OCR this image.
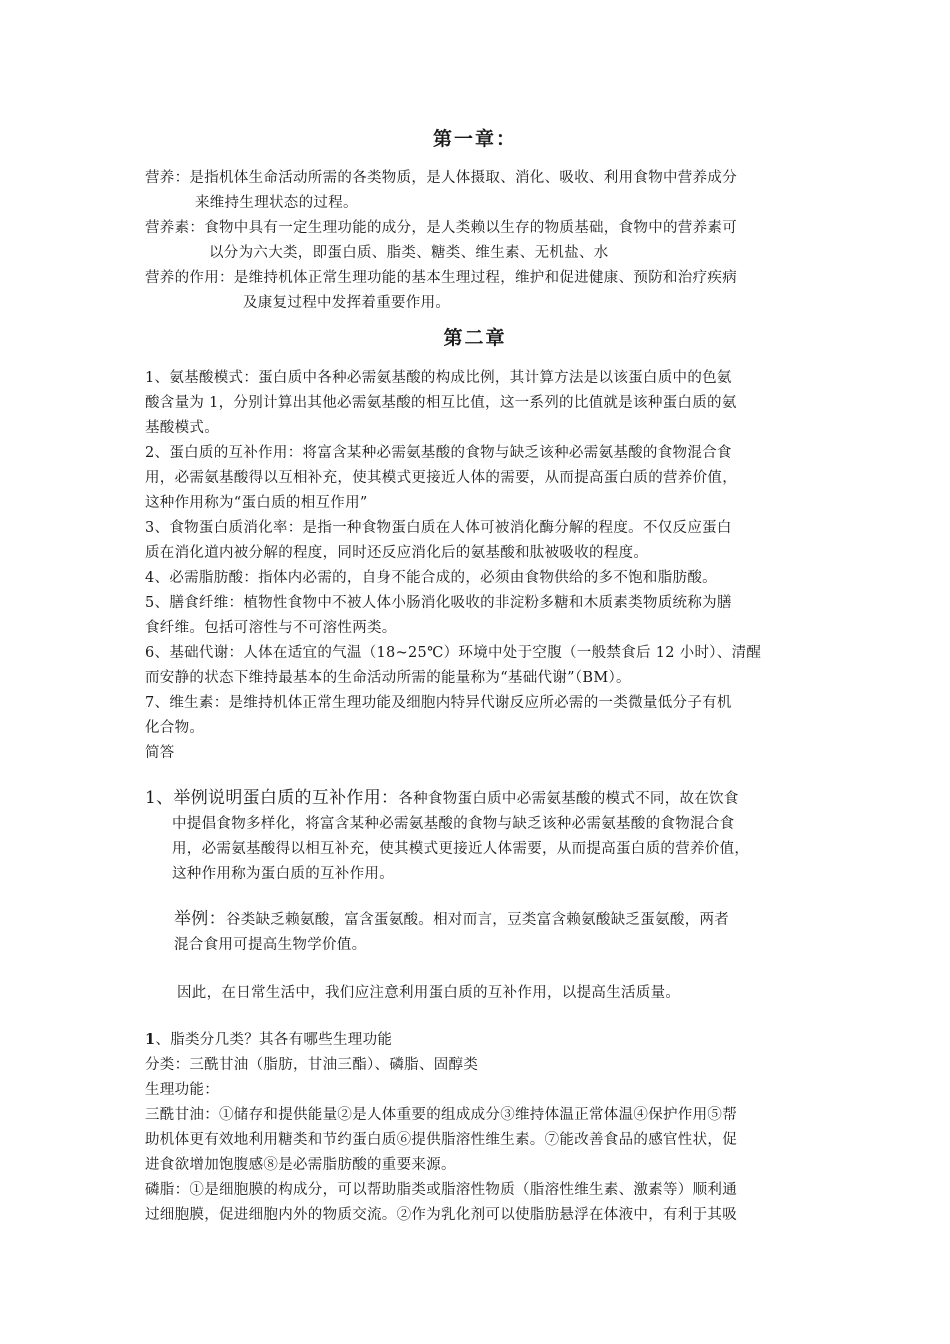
第一章：
营养：是指机体生命活动所需的各类物质，是人体摄取、消化、吸收、利用食物中营养成分
来维持生理状态的过程。
营养素：食物中具有一定生理功能的成分，是人类赖以生存的物质基础，食物中的营养素可
以分为六大类，即蛋白质、脂类、糖类、维生素、无机盐、水
营养的作用：是维持机体正常生理功能的基本生理过程，维护和促进健康、预防和治疗疾病
及康复过程中发挥着重要作用。
第二章
1、氨基酸模式：蛋白质中各种必需氨基酸的构成比例，其计算方法是以该蛋白质中的色氨
酸含量为 1，分别计算出其他必需氨基酸的相互比值，这一系列的比值就是该种蛋白质的氨
基酸模式。
2、蛋白质的互补作用：将富含某种必需氨基酸的食物与缺乏该种必需氨基酸的食物混合食
用，必需氨基酸得以互相补充，使其模式更接近人体的需要，从而提高蛋白质的营养价值，
这种作用称为“蛋白质的相互作用”
3、食物蛋白质消化率：是指一种食物蛋白质在人体可被消化酶分解的程度。不仅反应蛋白
质在消化道内被分解的程度，同时还反应消化后的氨基酸和肽被吸收的程度。
4、必需脂肪酸：指体内必需的，自身不能合成的，必须由食物供给的多不饱和脂肪酸。
5、膳食纤维：植物性食物中不被人体小肠消化吸收的非淀粉多糖和木质素类物质统称为膳
食纤维。包括可溶性与不可溶性两类。
6、基础代谢：人体在适宜的气温（18~25℃）环境中处于空腹（一般禁食后 12 小时）、清醒
而安静的状态下维持最基本的生命活动所需的能量称为“基础代谢”（BM）。
7、维生素：是维持机体正常生理功能及细胞内特异代谢反应所必需的一类微量低分子有机
化合物。
简答
1、举例说明蛋白质的互补作用：各种食物蛋白质中必需氨基酸的模式不同，故在饮食
中提倡食物多样化，将富含某种必需氨基酸的食物与缺乏该种必需氨基酸的食物混合食
用，必需氨基酸得以相互补充，使其模式更接近人体需要，从而提高蛋白质的营养价值，
这种作用称为蛋白质的互补作用。
举例：谷类缺乏赖氨酸，富含蛋氨酸。相对而言，豆类富含赖氨酸缺乏蛋氨酸，两者
混合食用可提高生物学价值。
因此，在日常生活中，我们应注意利用蛋白质的互补作用，以提高生活质量。
1、脂类分几类？其各有哪些生理功能
分类：三酰甘油（脂肪，甘油三酯）、磷脂、固醇类
生理功能：
三酰甘油：①储存和提供能量②是人体重要的组成成分③维持体温正常体温④保护作用⑤帮
助机体更有效地利用糖类和节约蛋白质⑥提供脂溶性维生素。⑦能改善食品的感官性状，促
进食欲增加饱腹感⑧是必需脂肪酸的重要来源。
磷脂：①是细胞膜的构成分，可以帮助脂类或脂溶性物质（脂溶性维生素、激素等）顺利通
过细胞膜，促进细胞内外的物质交流。②作为乳化剂可以使脂肪悬浮在体液中，有利于其吸
